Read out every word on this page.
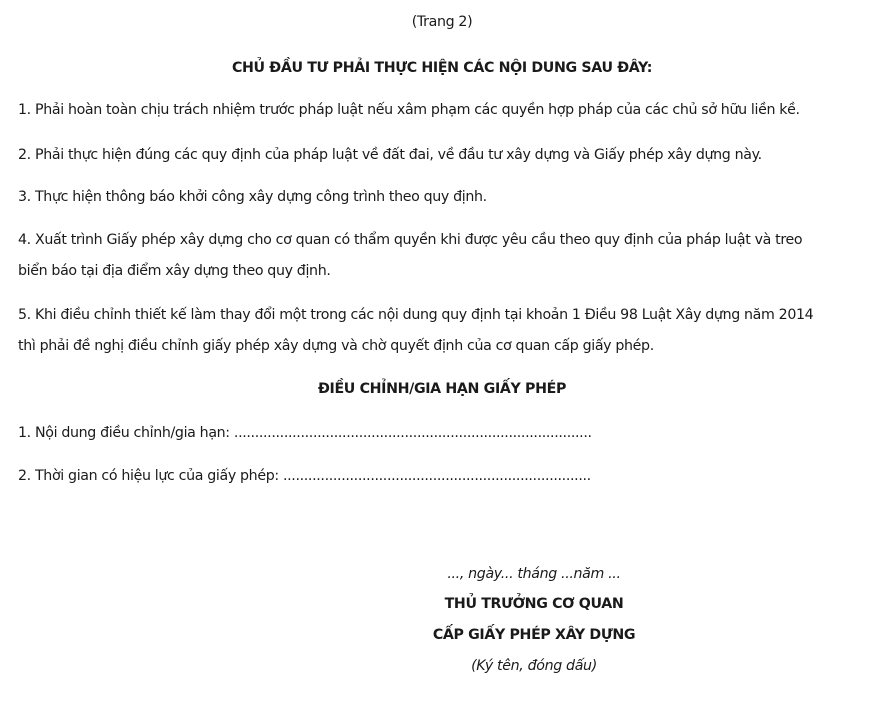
(Trang 2)
CHỦ ĐẦU TƯ PHẢI THỰC HIỆN CÁC NỘI DUNG SAU ĐÂY:
1. Phải hoàn toàn chịu trách nhiệm trước pháp luật nếu xâm phạm các quyền hợp pháp của các chủ sở hữu liền kề.
2. Phải thực hiện đúng các quy định của pháp luật về đất đai, về đầu tư xây dựng và Giấy phép xây dựng này.
3. Thực hiện thông báo khởi công xây dựng công trình theo quy định.
4. Xuất trình Giấy phép xây dựng cho cơ quan có thẩm quyền khi được yêu cầu theo quy định của pháp luật và treo
biển báo tại địa điểm xây dựng theo quy định.
5. Khi điều chỉnh thiết kế làm thay đổi một trong các nội dung quy định tại khoản 1 Điều 98 Luật Xây dựng năm 2014
thì phải đề nghị điều chỉnh giấy phép xây dựng và chờ quyết định của cơ quan cấp giấy phép.
ĐIỀU CHỈNH/GIA HẠN GIẤY PHÉP
1. Nội dung điều chỉnh/gia hạn: ......................................................................................
2. Thời gian có hiệu lực của giấy phép: ..........................................................................
..., ngày... tháng ...năm ...
THỦ TRƯỞNG CƠ QUAN
CẤP GIẤY PHÉP XÂY DỰNG
(Ký tên, đóng dấu)
